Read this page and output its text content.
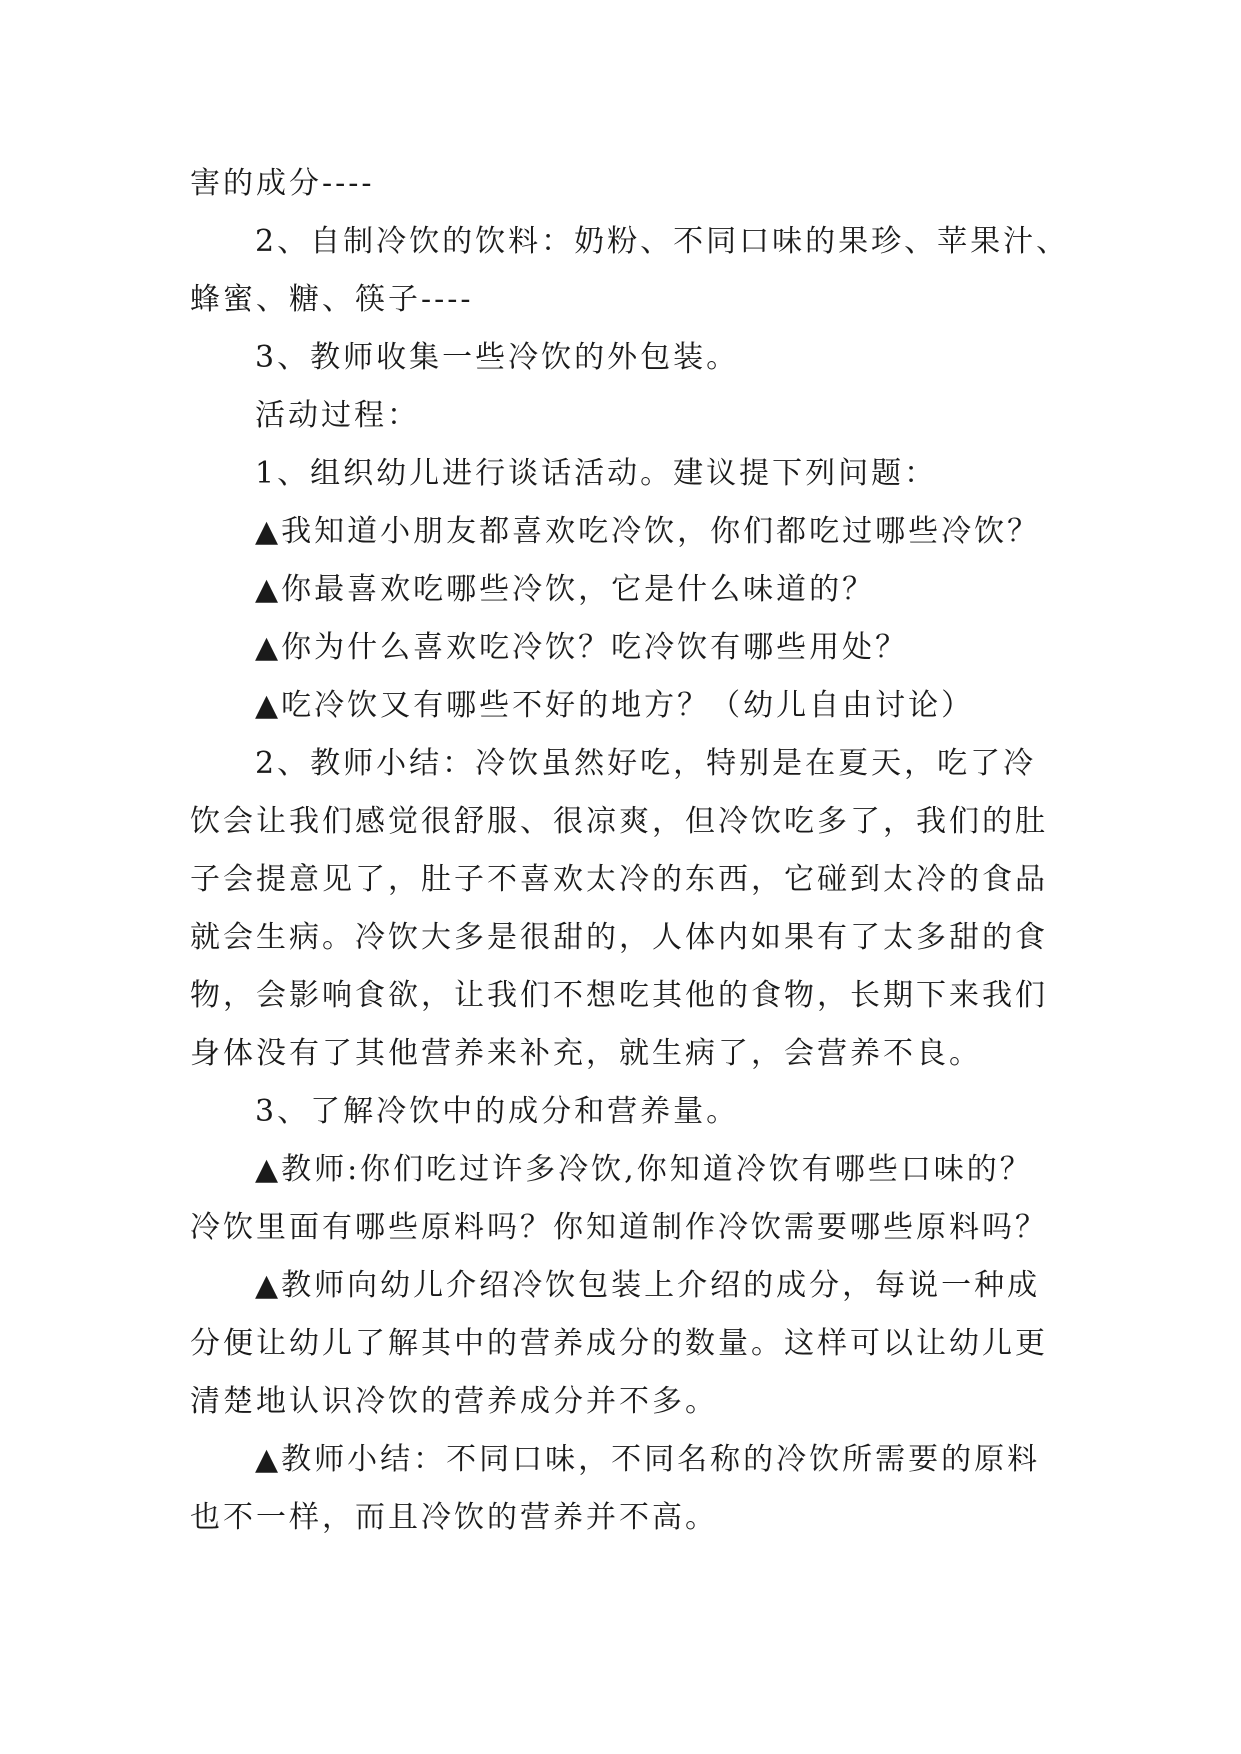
害的成分----

2、自制冷饮的饮料：奶粉、不同口味的果珍、苹果汁、

蜂蜜、糖、筷子----

3、教师收集一些冷饮的外包装。

活动过程：

1、组织幼儿进行谈话活动。建议提下列问题：

▲我知道小朋友都喜欢吃冷饮，你们都吃过哪些冷饮？

▲你最喜欢吃哪些冷饮，它是什么味道的？

▲你为什么喜欢吃冷饮？吃冷饮有哪些用处？

▲吃冷饮又有哪些不好的地方？（幼儿自由讨论）

2、教师小结：冷饮虽然好吃，特别是在夏天，吃了冷

饮会让我们感觉很舒服、很凉爽，但冷饮吃多了，我们的肚

子会提意见了，肚子不喜欢太冷的东西，它碰到太冷的食品

就会生病。冷饮大多是很甜的，人体内如果有了太多甜的食

物，会影响食欲，让我们不想吃其他的食物，长期下来我们

身体没有了其他营养来补充，就生病了，会营养不良。

3、了解冷饮中的成分和营养量。

▲教师:你们吃过许多冷饮,你知道冷饮有哪些口味的？

冷饮里面有哪些原料吗？你知道制作冷饮需要哪些原料吗？

▲教师向幼儿介绍冷饮包装上介绍的成分，每说一种成

分便让幼儿了解其中的营养成分的数量。这样可以让幼儿更

清楚地认识冷饮的营养成分并不多。

▲教师小结：不同口味，不同名称的冷饮所需要的原料

也不一样，而且冷饮的营养并不高。
